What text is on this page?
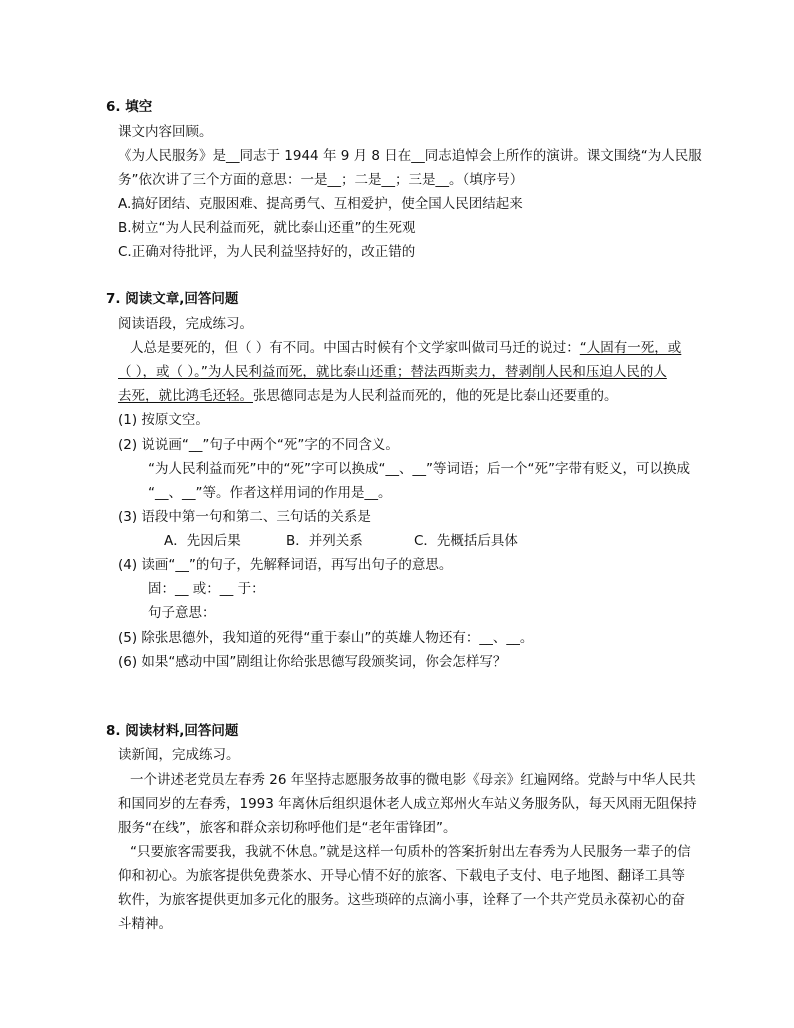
6. 填空
课文内容回顾。
《为人民服务》是__同志于 1944 年 9 月 8 日在__同志追悼会上所作的演讲。课文围绕“为人民服
务”依次讲了三个方面的意思：一是__；二是__；三是__。（填序号）
A.搞好团结、克服困难、提高勇气、互相爱护，使全国人民团结起来
B.树立“为人民利益而死，就比泰山还重”的生死观
C.正确对待批评，为人民利益坚持好的，改正错的
7. 阅读文章,回答问题
阅读语段，完成练习。
人总是要死的，但（ ）有不同。中国古时候有个文学家叫做司马迁的说过：“人固有一死，或
（ ），或（ ）。”为人民利益而死，就比泰山还重；替法西斯卖力，替剥削人民和压迫人民的人
去死，就比鸿毛还轻。张思德同志是为人民利益而死的，他的死是比泰山还要重的。
(1) 按原文空。
(2) 说说画“__”句子中两个“死”字的不同含义。
“为人民利益而死”中的“死”字可以换成“__、__”等词语；后一个“死”字带有贬义，可以换成
“__、__”等。作者这样用词的作用是__。
(3) 语段中第一句和第二、三句话的关系是
A．先因后果	B．并列关系	C．先概括后具体
(4) 读画“__”的句子，先解释词语，再写出句子的意思。
固：__ 或：__ 于：
句子意思：
(5) 除张思德外，我知道的死得“重于泰山”的英雄人物还有：__、__。
(6) 如果“感动中国”剧组让你给张思德写段颁奖词，你会怎样写？
8. 阅读材料,回答问题
读新闻，完成练习。
一个讲述老党员左春秀 26 年坚持志愿服务故事的微电影《母亲》红遍网络。党龄与中华人民共
和国同岁的左春秀，1993 年离休后组织退休老人成立郑州火车站义务服务队，每天风雨无阻保持
服务“在线”，旅客和群众亲切称呼他们是“老年雷锋团”。
“只要旅客需要我，我就不休息。”就是这样一句质朴的答案折射出左春秀为人民服务一辈子的信
仰和初心。为旅客提供免费茶水、开导心情不好的旅客、下载电子支付、电子地图、翻译工具等
软件，为旅客提供更加多元化的服务。这些琐碎的点滴小事，诠释了一个共产党员永葆初心的奋
斗精神。
